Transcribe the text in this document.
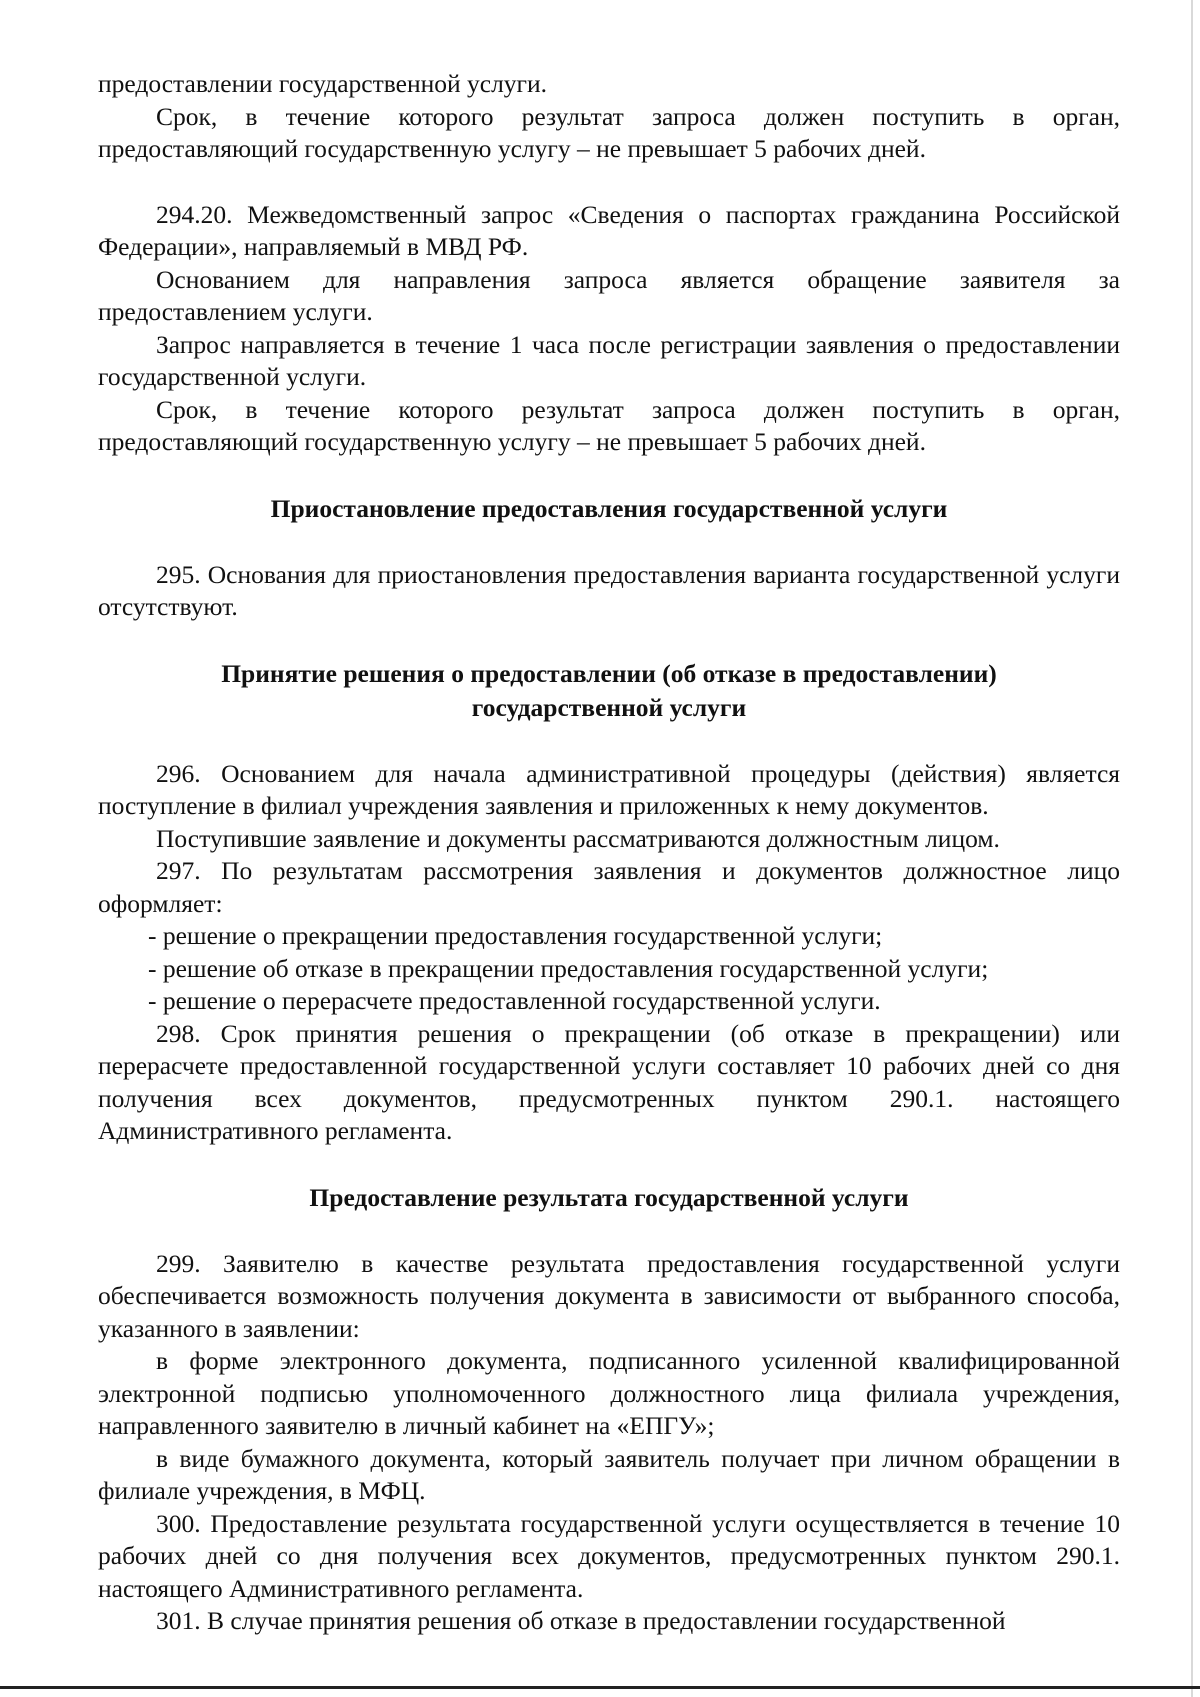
предоставлении государственной услуги.

Срок, в течение которого результат запроса должен поступить в орган, предоставляющий государственную услугу – не превышает 5 рабочих дней.

294.20. Межведомственный запрос «Сведения о паспортах гражданина Российской Федерации», направляемый в МВД РФ.

Основанием для направления запроса является обращение заявителя за предоставлением услуги.

Запрос направляется в течение 1 часа после регистрации заявления о предоставлении государственной услуги.

Срок, в течение которого результат запроса должен поступить в орган, предоставляющий государственную услугу – не превышает 5 рабочих дней.

Приостановление предоставления государственной услуги

295. Основания для приостановления предоставления варианта государственной услуги отсутствуют.

Принятие решения о предоставлении (об отказе в предоставлении)
государственной услуги

296. Основанием для начала административной процедуры (действия) является поступление в филиал учреждения заявления и приложенных к нему документов.

Поступившие заявление и документы рассматриваются должностным лицом.

297. По результатам рассмотрения заявления и документов должностное лицо оформляет:

- решение о прекращении предоставления государственной услуги;

- решение об отказе в прекращении предоставления государственной услуги;

- решение о перерасчете предоставленной государственной услуги.

298. Срок принятия решения о прекращении (об отказе в прекращении) или перерасчете предоставленной государственной услуги составляет 10 рабочих дней со дня получения всех документов, предусмотренных пунктом 290.1. настоящего Административного регламента.

Предоставление результата государственной услуги

299. Заявителю в качестве результата предоставления государственной услуги обеспечивается возможность получения документа в зависимости от выбранного способа, указанного в заявлении:

в форме электронного документа, подписанного усиленной квалифицированной электронной подписью уполномоченного должностного лица филиала учреждения, направленного заявителю в личный кабинет на «ЕПГУ»;

в виде бумажного документа, который заявитель получает при личном обращении в филиале учреждения, в МФЦ.

300. Предоставление результата государственной услуги осуществляется в течение 10 рабочих дней со дня получения всех документов, предусмотренных пунктом 290.1. настоящего Административного регламента.

301. В случае принятия решения об отказе в предоставлении государственной
